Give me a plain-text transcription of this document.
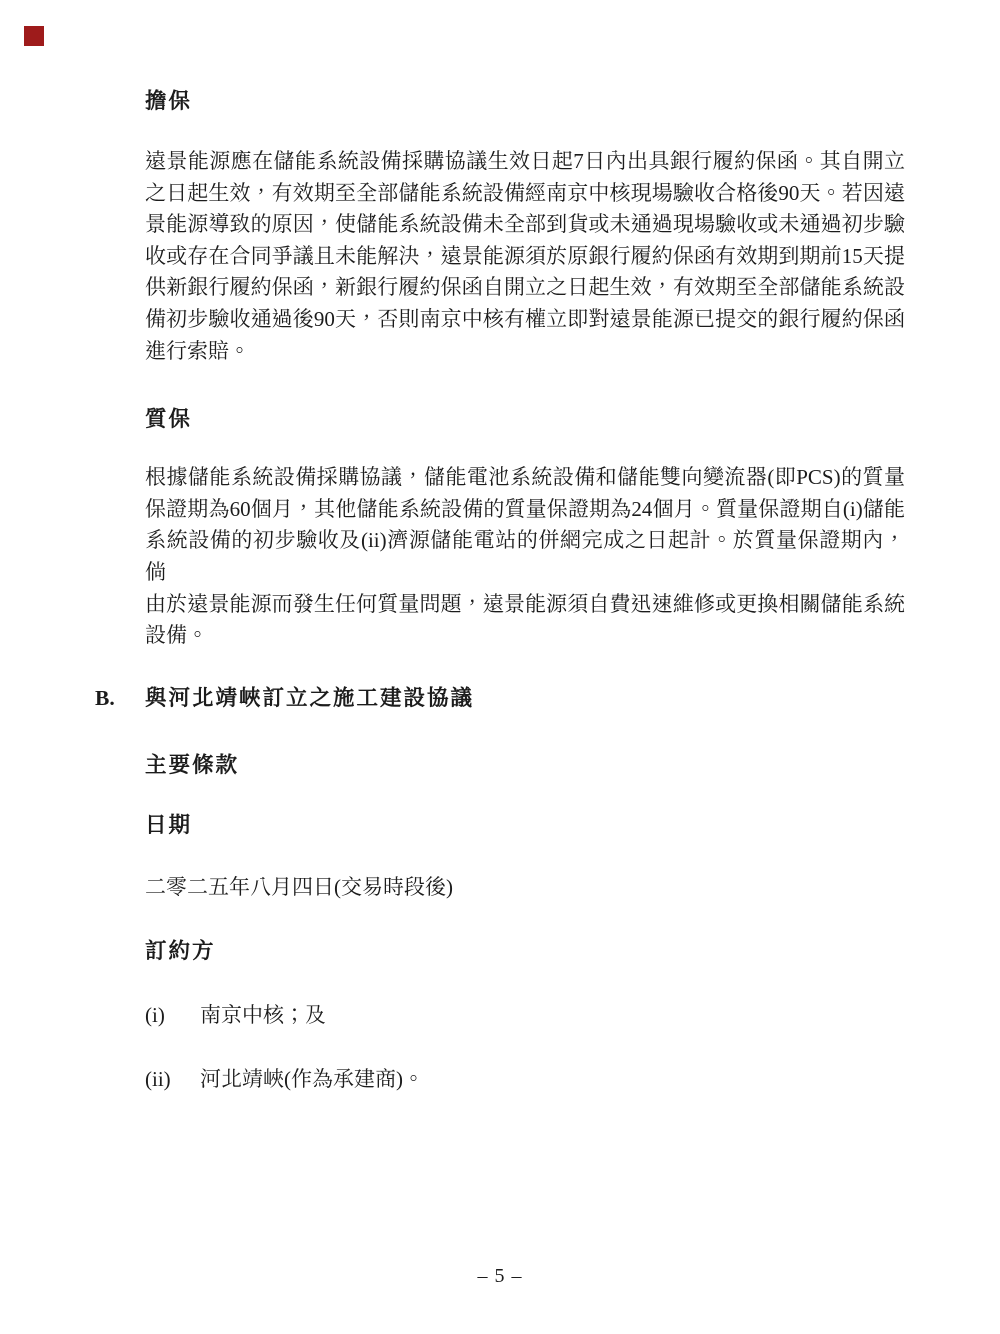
擔保
遠景能源應在儲能系統設備採購協議生效日起7日內出具銀行履約保函。其自開立
之日起生效，有效期至全部儲能系統設備經南京中核現場驗收合格後90天。若因遠
景能源導致的原因，使儲能系統設備未全部到貨或未通過現場驗收或未通過初步驗
收或存在合同爭議且未能解決，遠景能源須於原銀行履約保函有效期到期前15天提
供新銀行履約保函，新銀行履約保函自開立之日起生效，有效期至全部儲能系統設
備初步驗收通過後90天，否則南京中核有權立即對遠景能源已提交的銀行履約保函
進行索賠。
質保
根據儲能系統設備採購協議，儲能電池系統設備和儲能雙向變流器(即PCS)的質量
保證期為60個月，其他儲能系統設備的質量保證期為24個月。質量保證期自(i)儲能
系統設備的初步驗收及(ii)濟源儲能電站的併網完成之日起計。於質量保證期內，倘
由於遠景能源而發生任何質量問題，遠景能源須自費迅速維修或更換相關儲能系統
設備。
B.	與河北靖峽訂立之施工建設協議
主要條款
日期
二零二五年八月四日(交易時段後)
訂約方
(i)	南京中核；及
(ii)	河北靖峽(作為承建商)。
– 5 –
